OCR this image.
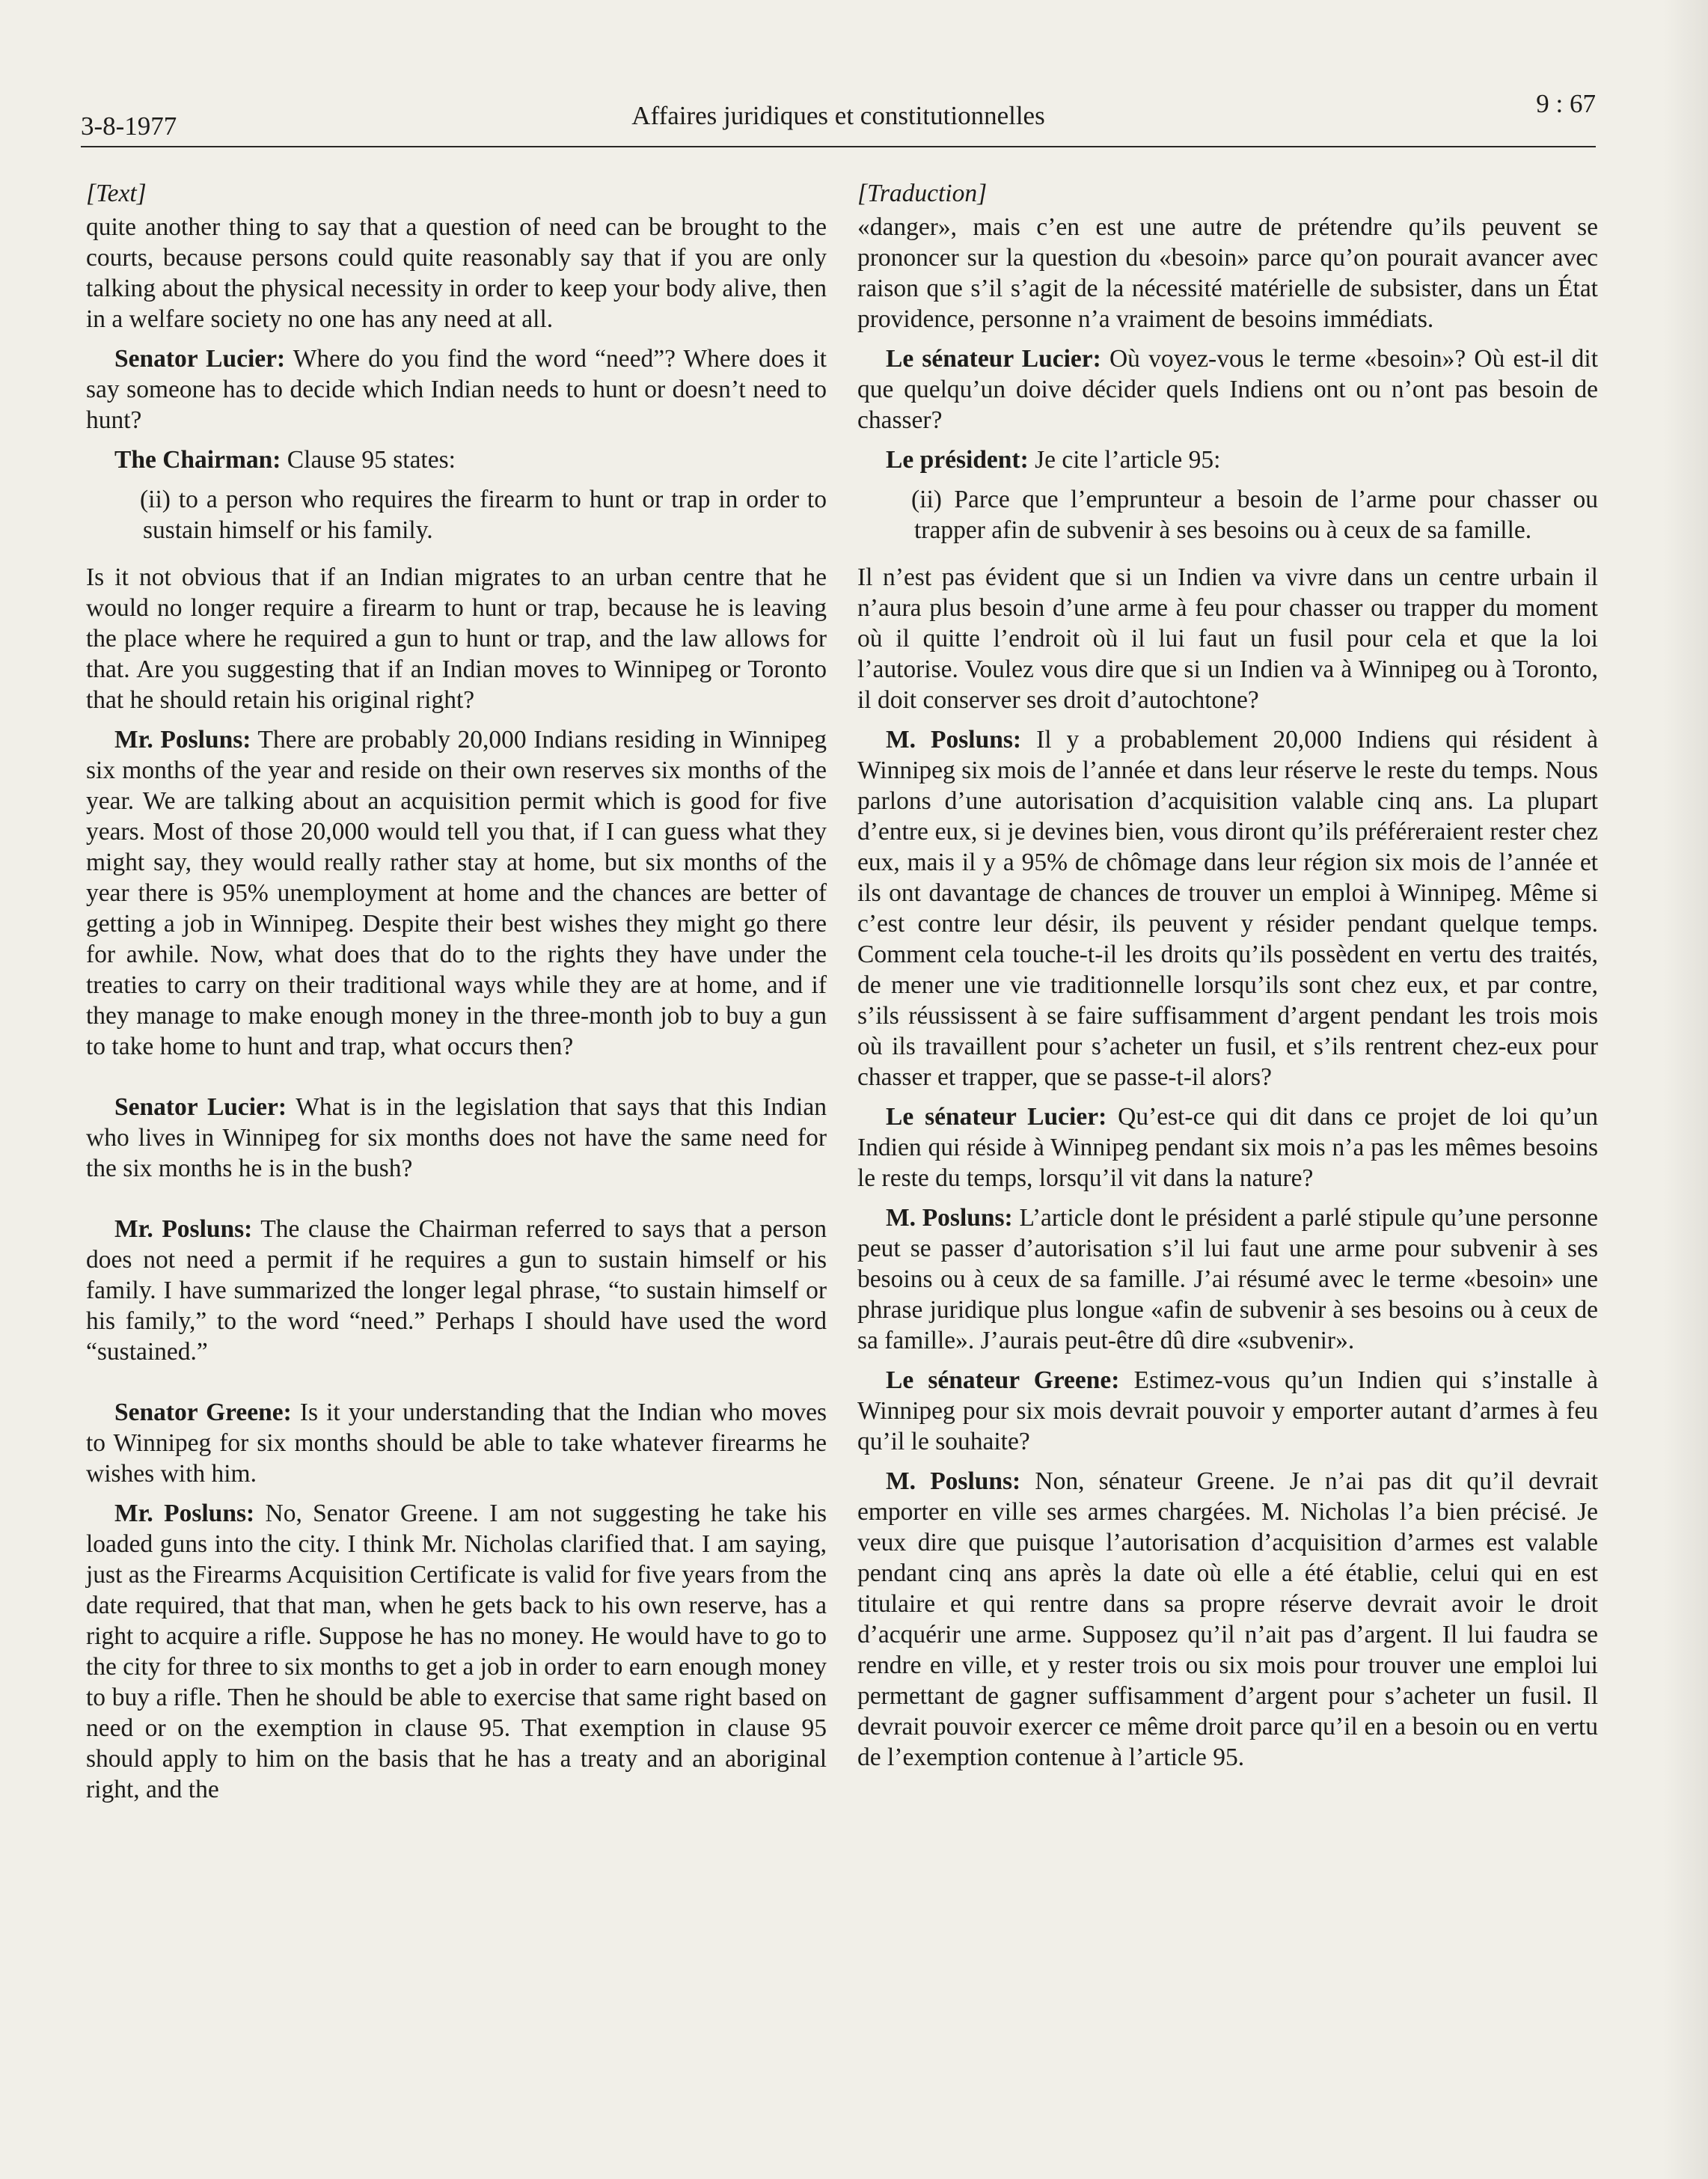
3-8-1977	Affaires juridiques et constitutionnelles	9 : 67
[Text]

quite another thing to say that a question of need can be brought to the courts, because persons could quite reasonably say that if you are only talking about the physical necessity in order to keep your body alive, then in a welfare society no one has any need at all.

Senator Lucier: Where do you find the word “need”? Where does it say someone has to decide which Indian needs to hunt or doesn’t need to hunt?

The Chairman: Clause 95 states:

(ii) to a person who requires the firearm to hunt or trap in order to sustain himself or his family.

Is it not obvious that if an Indian migrates to an urban centre that he would no longer require a firearm to hunt or trap, because he is leaving the place where he required a gun to hunt or trap, and the law allows for that. Are you suggesting that if an Indian moves to Winnipeg or Toronto that he should retain his original right?

Mr. Posluns: There are probably 20,000 Indians residing in Winnipeg six months of the year and reside on their own reserves six months of the year. We are talking about an acquisition permit which is good for five years. Most of those 20,000 would tell you that, if I can guess what they might say, they would really rather stay at home, but six months of the year there is 95% unemployment at home and the chances are better of getting a job in Winnipeg. Despite their best wishes they might go there for awhile. Now, what does that do to the rights they have under the treaties to carry on their traditional ways while they are at home, and if they manage to make enough money in the three-month job to buy a gun to take home to hunt and trap, what occurs then?

Senator Lucier: What is in the legislation that says that this Indian who lives in Winnipeg for six months does not have the same need for the six months he is in the bush?

Mr. Posluns: The clause the Chairman referred to says that a person does not need a permit if he requires a gun to sustain himself or his family. I have summarized the longer legal phrase, “to sustain himself or his family,” to the word “need.” Perhaps I should have used the word “sustained.”

Senator Greene: Is it your understanding that the Indian who moves to Winnipeg for six months should be able to take whatever firearms he wishes with him.

Mr. Posluns: No, Senator Greene. I am not suggesting he take his loaded guns into the city. I think Mr. Nicholas clarified that. I am saying, just as the Firearms Acquisition Certificate is valid for five years from the date required, that that man, when he gets back to his own reserve, has a right to acquire a rifle. Suppose he has no money. He would have to go to the city for three to six months to get a job in order to earn enough money to buy a rifle. Then he should be able to exercise that same right based on need or on the exemption in clause 95. That exemption in clause 95 should apply to him on the basis that he has a treaty and an aboriginal right, and the

[Traduction]

«danger», mais c’en est une autre de prétendre qu’ils peuvent se prononcer sur la question du «besoin» parce qu’on pourait avancer avec raison que s’il s’agit de la nécessité matérielle de subsister, dans un État providence, personne n’a vraiment de besoins immédiats.

Le sénateur Lucier: Où voyez-vous le terme «besoin»? Où est-il dit que quelqu’un doive décider quels Indiens ont ou n’ont pas besoin de chasser?

Le président: Je cite l’article 95:

(ii) Parce que l’emprunteur a besoin de l’arme pour chasser ou trapper afin de subvenir à ses besoins ou à ceux de sa famille.

Il n’est pas évident que si un Indien va vivre dans un centre urbain il n’aura plus besoin d’une arme à feu pour chasser ou trapper du moment où il quitte l’endroit où il lui faut un fusil pour cela et que la loi l’autorise. Voulez vous dire que si un Indien va à Winnipeg ou à Toronto, il doit conserver ses droit d’autochtone?

M. Posluns: Il y a probablement 20,000 Indiens qui résident à Winnipeg six mois de l’année et dans leur réserve le reste du temps. Nous parlons d’une autorisation d’acquisition valable cinq ans. La plupart d’entre eux, si je devines bien, vous diront qu’ils préféreraient rester chez eux, mais il y a 95% de chômage dans leur région six mois de l’année et ils ont davantage de chances de trouver un emploi à Winnipeg. Même si c’est contre leur désir, ils peuvent y résider pendant quelque temps. Comment cela touche-t-il les droits qu’ils possèdent en vertu des traités, de mener une vie traditionnelle lorsqu’ils sont chez eux, et par contre, s’ils réussissent à se faire suffisamment d’argent pendant les trois mois où ils travaillent pour s’acheter un fusil, et s’ils rentrent chez-eux pour chasser et trapper, que se passe-t-il alors?

Le sénateur Lucier: Qu’est-ce qui dit dans ce projet de loi qu’un Indien qui réside à Winnipeg pendant six mois n’a pas les mêmes besoins le reste du temps, lorsqu’il vit dans la nature?

M. Posluns: L’article dont le président a parlé stipule qu’une personne peut se passer d’autorisation s’il lui faut une arme pour subvenir à ses besoins ou à ceux de sa famille. J’ai résumé avec le terme «besoin» une phrase juridique plus longue «afin de subvenir à ses besoins ou à ceux de sa famille». J’aurais peut-être dû dire «subvenir».

Le sénateur Greene: Estimez-vous qu’un Indien qui s’installe à Winnipeg pour six mois devrait pouvoir y emporter autant d’armes à feu qu’il le souhaite?

M. Posluns: Non, sénateur Greene. Je n’ai pas dit qu’il devrait emporter en ville ses armes chargées. M. Nicholas l’a bien précisé. Je veux dire que puisque l’autorisation d’acquisition d’armes est valable pendant cinq ans après la date où elle a été établie, celui qui en est titulaire et qui rentre dans sa propre réserve devrait avoir le droit d’acquérir une arme. Supposez qu’il n’ait pas d’argent. Il lui faudra se rendre en ville, et y rester trois ou six mois pour trouver une emploi lui permettant de gagner suffisamment d’argent pour s’acheter un fusil. Il devrait pouvoir exercer ce même droit parce qu’il en a besoin ou en vertu de l’exemption contenue à l’article 95.
